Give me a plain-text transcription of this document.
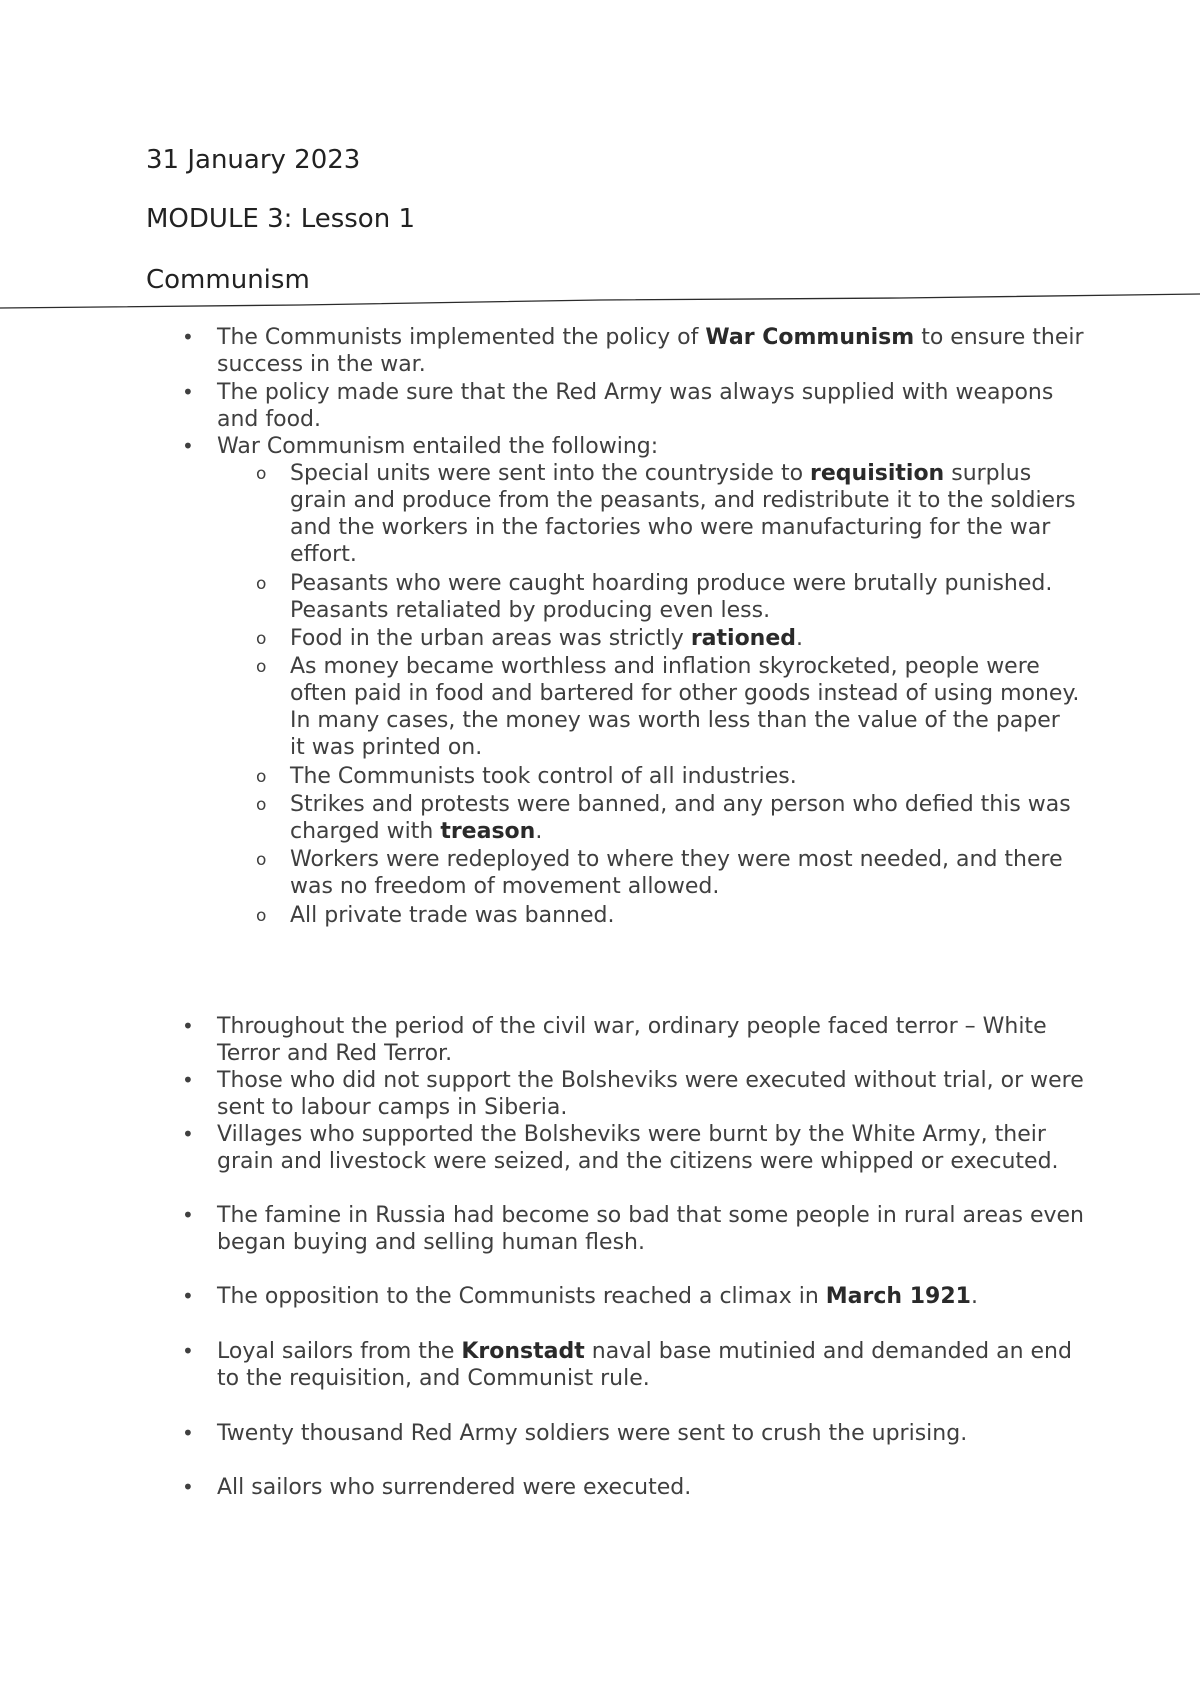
31 January 2023
MODULE 3: Lesson 1
Communism
• The Communists implemented the policy of War Communism to ensure their success in the war.
• The policy made sure that the Red Army was always supplied with weapons and food.
• War Communism entailed the following:
o Special units were sent into the countryside to requisition surplus grain and produce from the peasants, and redistribute it to the soldiers and the workers in the factories who were manufacturing for the war effort.
o Peasants who were caught hoarding produce were brutally punished. Peasants retaliated by producing even less.
o Food in the urban areas was strictly rationed.
o As money became worthless and inflation skyrocketed, people were often paid in food and bartered for other goods instead of using money. In many cases, the money was worth less than the value of the paper it was printed on.
o The Communists took control of all industries.
o Strikes and protests were banned, and any person who defied this was charged with treason.
o Workers were redeployed to where they were most needed, and there was no freedom of movement allowed.
o All private trade was banned.
• Throughout the period of the civil war, ordinary people faced terror – White Terror and Red Terror.
• Those who did not support the Bolsheviks were executed without trial, or were sent to labour camps in Siberia.
• Villages who supported the Bolsheviks were burnt by the White Army, their grain and livestock were seized, and the citizens were whipped or executed.
• The famine in Russia had become so bad that some people in rural areas even began buying and selling human flesh.
• The opposition to the Communists reached a climax in March 1921.
• Loyal sailors from the Kronstadt naval base mutinied and demanded an end to the requisition, and Communist rule.
• Twenty thousand Red Army soldiers were sent to crush the uprising.
• All sailors who surrendered were executed.
